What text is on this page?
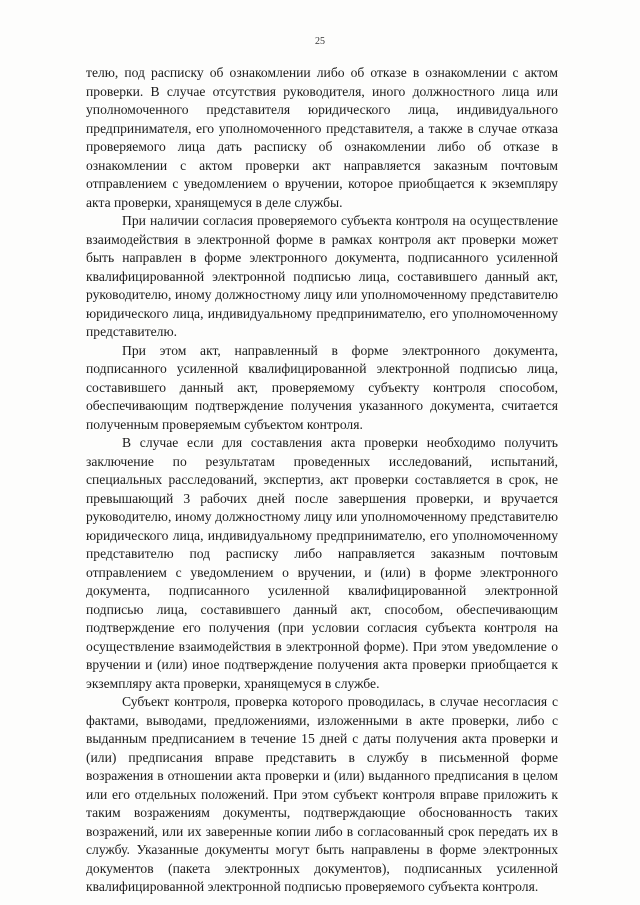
25

телю, под расписку об ознакомлении либо об отказе в ознакомлении с актом проверки. В случае отсутствия руководителя, иного должностного лица или уполномоченного представителя юридического лица, индивидуального предпринимателя, его уполномоченного представителя, а также в случае отказа проверяемого лица дать расписку об ознакомлении либо об отказе в ознакомлении с актом проверки акт направляется заказным почтовым отправлением с уведомлением о вручении, которое приобщается к экземпляру акта проверки, хранящемуся в деле службы.

При наличии согласия проверяемого субъекта контроля на осуществление взаимодействия в электронной форме в рамках контроля акт проверки может быть направлен в форме электронного документа, подписанного усиленной квалифицированной электронной подписью лица, составившего данный акт, руководителю, иному должностному лицу или уполномоченному представителю юридического лица, индивидуальному предпринимателю, его уполномоченному представителю.

При этом акт, направленный в форме электронного документа, подписанного усиленной квалифицированной электронной подписью лица, составившего данный акт, проверяемому субъекту контроля способом, обеспечивающим подтверждение получения указанного документа, считается полученным проверяемым субъектом контроля.

В случае если для составления акта проверки необходимо получить заключение по результатам проведенных исследований, испытаний, специальных расследований, экспертиз, акт проверки составляется в срок, не превышающий 3 рабочих дней после завершения проверки, и вручается руководителю, иному должностному лицу или уполномоченному представителю юридического лица, индивидуальному предпринимателю, его уполномоченному представителю под расписку либо направляется заказным почтовым отправлением с уведомлением о вручении, и (или) в форме электронного документа, подписанного усиленной квалифицированной электронной подписью лица, составившего данный акт, способом, обеспечивающим подтверждение его получения (при условии согласия субъекта контроля на осуществление взаимодействия в электронной форме). При этом уведомление о вручении и (или) иное подтверждение получения акта проверки приобщается к экземпляру акта проверки, хранящемуся в службе.

Субъект контроля, проверка которого проводилась, в случае несогласия с фактами, выводами, предложениями, изложенными в акте проверки, либо с выданным предписанием в течение 15 дней с даты получения акта проверки и (или) предписания вправе представить в службу в письменной форме возражения в отношении акта проверки и (или) выданного предписания в целом или его отдельных положений. При этом субъект контроля вправе приложить к таким возражениям документы, подтверждающие обоснованность таких возражений, или их заверенные копии либо в согласованный срок передать их в службу. Указанные документы могут быть направлены в форме электронных документов (пакета электронных документов), подписанных усиленной квалифицированной электронной подписью проверяемого субъекта контроля.
